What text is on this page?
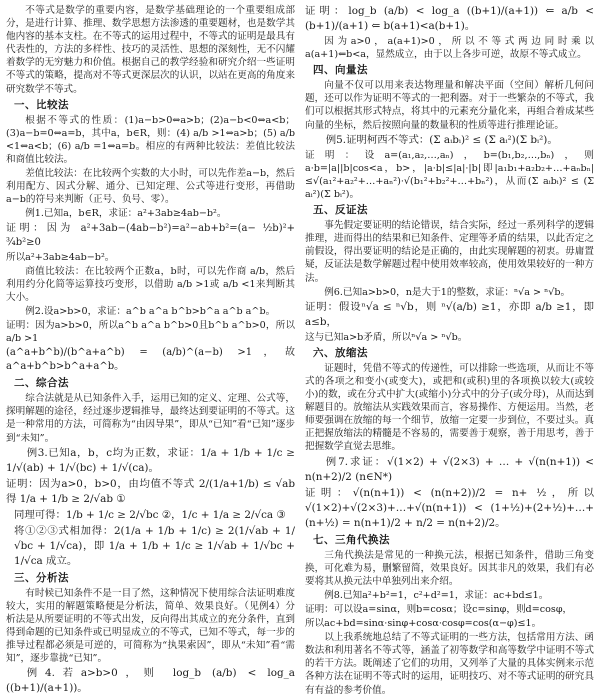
不等式是数学的重要内容，是数学基础理论的一个重要组成部分，是进行计算、推理、数学思想方法渗透的重要题材，也是数学其他内容的基本支柱。在不等式的运用过程中，不等式的证明是最具有代表性的，方法的多样性、技巧的灵活性、思想的深刻性，无不闪耀着数学的无穷魅力和价值。根据自己的教学经验和研究介绍一些证明不等式的策略，提高对不等式更深层次的认识，以站在更高的角度来研究数学不等式。

一、比较法

根据不等式的性质：(1)a−b>0⇔a>b；(2)a−b<0⇔a<b；(3)a−b=0⇔a=b，其中a，b∈R，则：(4) a/b >1⇔a>b；(5) a/b <1⇔a<b；(6) a/b =1⇔a=b。相应的有两种比较法：差值比较法和商值比较法。

差值比较法：在比较两个实数的大小时，可以先作差a−b，然后利用配方、因式分解、通分、已知定理、公式等进行变形，再借助a−b的符号来判断（正号、负号、零）。

例1.已知a，b∈R，求证：a²+3ab≥4ab−b²。

证明：因为 a²+3ab−(4ab−b²)=a²−ab+b²=(a− ½b)²+ ¾b²≥0

所以a²+3ab≥4ab−b²。

商值比较法：在比较两个正数a，b时，可以先作商 a/b，然后利用约分化简等运算技巧变形，以借助 a/b >1或 a/b <1来判断其大小。

例2.设a>b>0，求证：a^b a^a b^b>b^a a^b a^b。

证明：因为a>b>0，所以a^b a^a b^b>0且b^b a^b>0，所以 a/b >1

(a^a+b^b)/(b^a+a^b) = (a/b)^(a−b) >1，故a^a+b^b>b^a+a^b。

二、综合法

综合法就是从已知条件入手，运用已知的定义、定理、公式等，探明解题的途径，经过逐步逻辑推导，最终达到要证明的不等式。这是一种常用的方法，可简称为“由因导果”，即从“已知”看“已知”逐步到“未知”。

例3.已知a，b，c均为正数，求证：1/a + 1/b + 1/c ≥ 1/√(ab) + 1/√(bc) + 1/√(ca)。

证明：因为a>0，b>0，由均值不等式 2/(1/a+1/b) ≤ √ab 得 1/a + 1/b ≥ 2/√ab ①

同理可得：1/b + 1/c ≥ 2/√bc ②，1/c + 1/a ≥ 2/√ca ③

将①②③式相加得：2(1/a + 1/b + 1/c) ≥ 2(1/√ab + 1/√bc + 1/√ca)，即 1/a + 1/b + 1/c ≥ 1/√ab + 1/√bc + 1/√ca 成立。

三、分析法

有时候已知条件不是一目了然，这种情况下使用综合法证明难度较大，实用的解题策略便是分析法，简单、效果良好。（见例4）分析法是从所要证明的不等式出发，反向得出其成立的充分条件，直到得到命题的已知条件或已明显成立的不等式，已知不等式，每一步的推导过程都必须是可逆的，可简称为“执果索因”，即从“未知”看“需知”，逐步靠拢“已知”。

例4.若a>b>0，则 log_b (a/b) < log_a ((b+1)/(a+1))。

证明：log_b (a/b) < log_a ((b+1)/(a+1)) ⇐ a/b < (b+1)/(a+1) ⇐ b(a+1)<a(b+1)。

因为a>0，a(a+1)>0，所以不等式两边同时乘以a(a+1)⇐b<a，显然成立，由于以上各步可逆，故原不等式成立。

四、向量法

向量不仅可以用来表达物理量和解决平面（空间）解析几何问题，还可以作为证明不等式的一把利器。对于一些繁杂的不等式，我们可以根据其形式特点，将其中的元素充分量化来，再组合着成某些向量的坐标，然后按照向量的数量积的性质等进行推理论证。

例5.证明柯西不等式：(Σ aᵢbᵢ)² ≤ (Σ aᵢ²)(Σ bᵢ²)。

证明：设a=(a₁,a₂,…,aₙ)，b=(b₁,b₂,…,bₙ)，则a·b=|a||b|cos<a，b>，|a·b|≤|a|·|b|即|a₁b₁+a₂b₂+…+aₙbₙ|≤√(a₁²+a₂²+…+aₙ²)·√(b₁²+b₂²+…+bₙ²)，从而(Σ aᵢbᵢ)² ≤ (Σ aᵢ²)(Σ bᵢ²)。

五、反证法

事先假定要证明的结论错误，结合实际，经过一系列科学的逻辑推理，进而得出的结果和已知条件、定理等矛盾的结果，以此否定之前假设，得出要证明的结论是正确的，由此实现解题的初衷。毋庸置疑，反证法是数学解题过程中使用效率较高，使用效果较好的一种方法。

例6.已知a>b>0，n是大于1的整数，求证：ⁿ√a > ⁿ√b。

证明：假设ⁿ√a ≤ ⁿ√b，则 ⁿ√(a/b) ≥1，亦即 a/b ≥1，即a≤b，

这与已知a>b矛盾，所以ⁿ√a > ⁿ√b。

六、放缩法

证题时，凭借不等式的传递性，可以排除一些选项，从而让不等式的各项之和变小(或变大)，或把和(或积)里的各项换以较大(或较小)的数，或在分式中扩大(或缩小)分式中的分子(或分母)，从而达到解题目的。放缩法从实践效果而言，容易操作、方便运用。当然，老师要强调在放缩的每一个细节，放缩一定要一步到位，不要过头。真正把握放缩法的精髓是不容易的，需要善于观察，善于用思考，善于把握数学直觉去思维。

例7.求证：√(1×2) + √(2×3) + … + √(n(n+1)) < n(n+2)/2 (n∈N*)

证明：√(n(n+1)) < (n(n+2))/2 = n+ ½，所以√(1×2)+√(2×3)+…+√(n(n+1)) < (1+½)+(2+½)+…+(n+½) = n(n+1)/2 + n/2 = n(n+2)/2。

七、三角代换法

三角代换法是常见的一种换元法，根据已知条件，借助三角变换，可化难为易，删繁留简，效果良好。因其非凡的效果，我们有必要将其从换元法中单独列出来介绍。

例8.已知a²+b²=1，c²+d²=1，求证：ac+bd≤1。

证明：可以设a=sinα，则b=cosα；设c=sinφ，则d=cosφ，

所以ac+bd=sinα·sinφ+cosα·cosφ=cos(α−φ)≤1。

以上我系统地总结了不等式证明的一些方法，包括常用方法、函数法和利用著名不等式等，涵盖了初等数学和高等数学中证明不等式的若干方法。既阐述了它们的功用，又列举了大量的具体实例来示范各种方法在证明不等式时的运用，证明技巧、对不等式证明的研究具有有益的参考价值。
